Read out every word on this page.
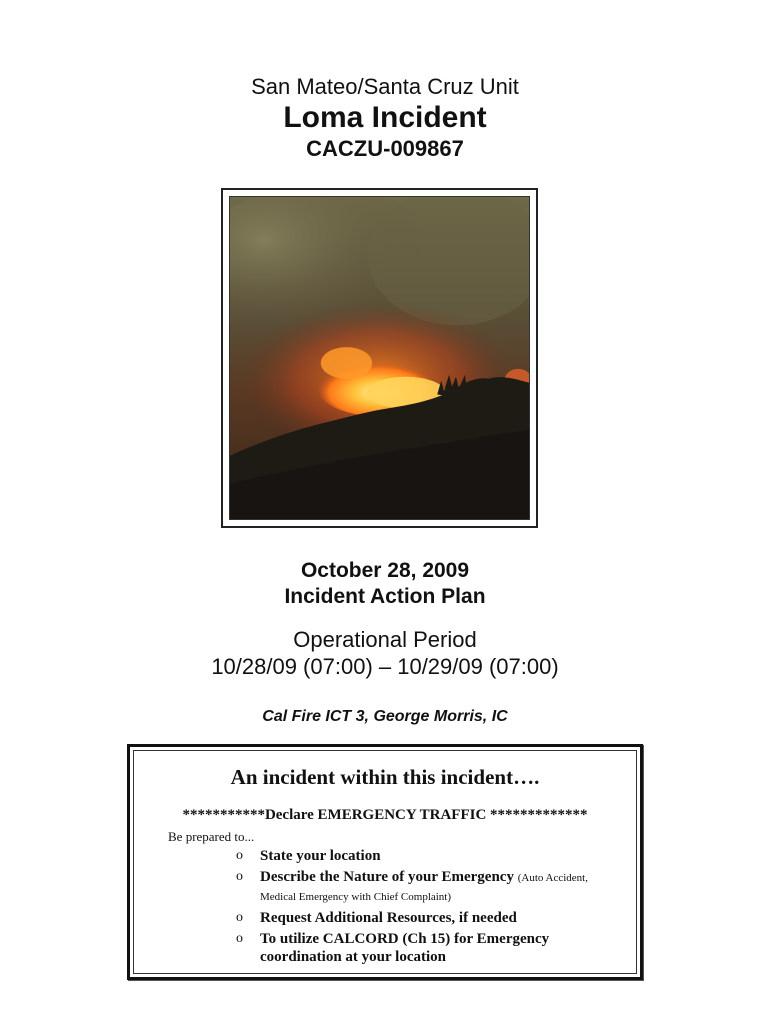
San Mateo/Santa Cruz Unit
Loma Incident
CACZU-009867
October 28, 2009
Incident Action Plan
Operational Period
10/28/09 (07:00) – 10/29/09 (07:00)
Cal Fire ICT 3, George Morris, IC
An incident within this incident….
***********Declare EMERGENCY TRAFFIC *************
Be prepared to...
o State your location
o Describe the Nature of your Emergency (Auto Accident, Medical Emergency with Chief Complaint)
o Request Additional Resources, if needed
o To utilize CALCORD (Ch 15) for Emergency coordination at your location
